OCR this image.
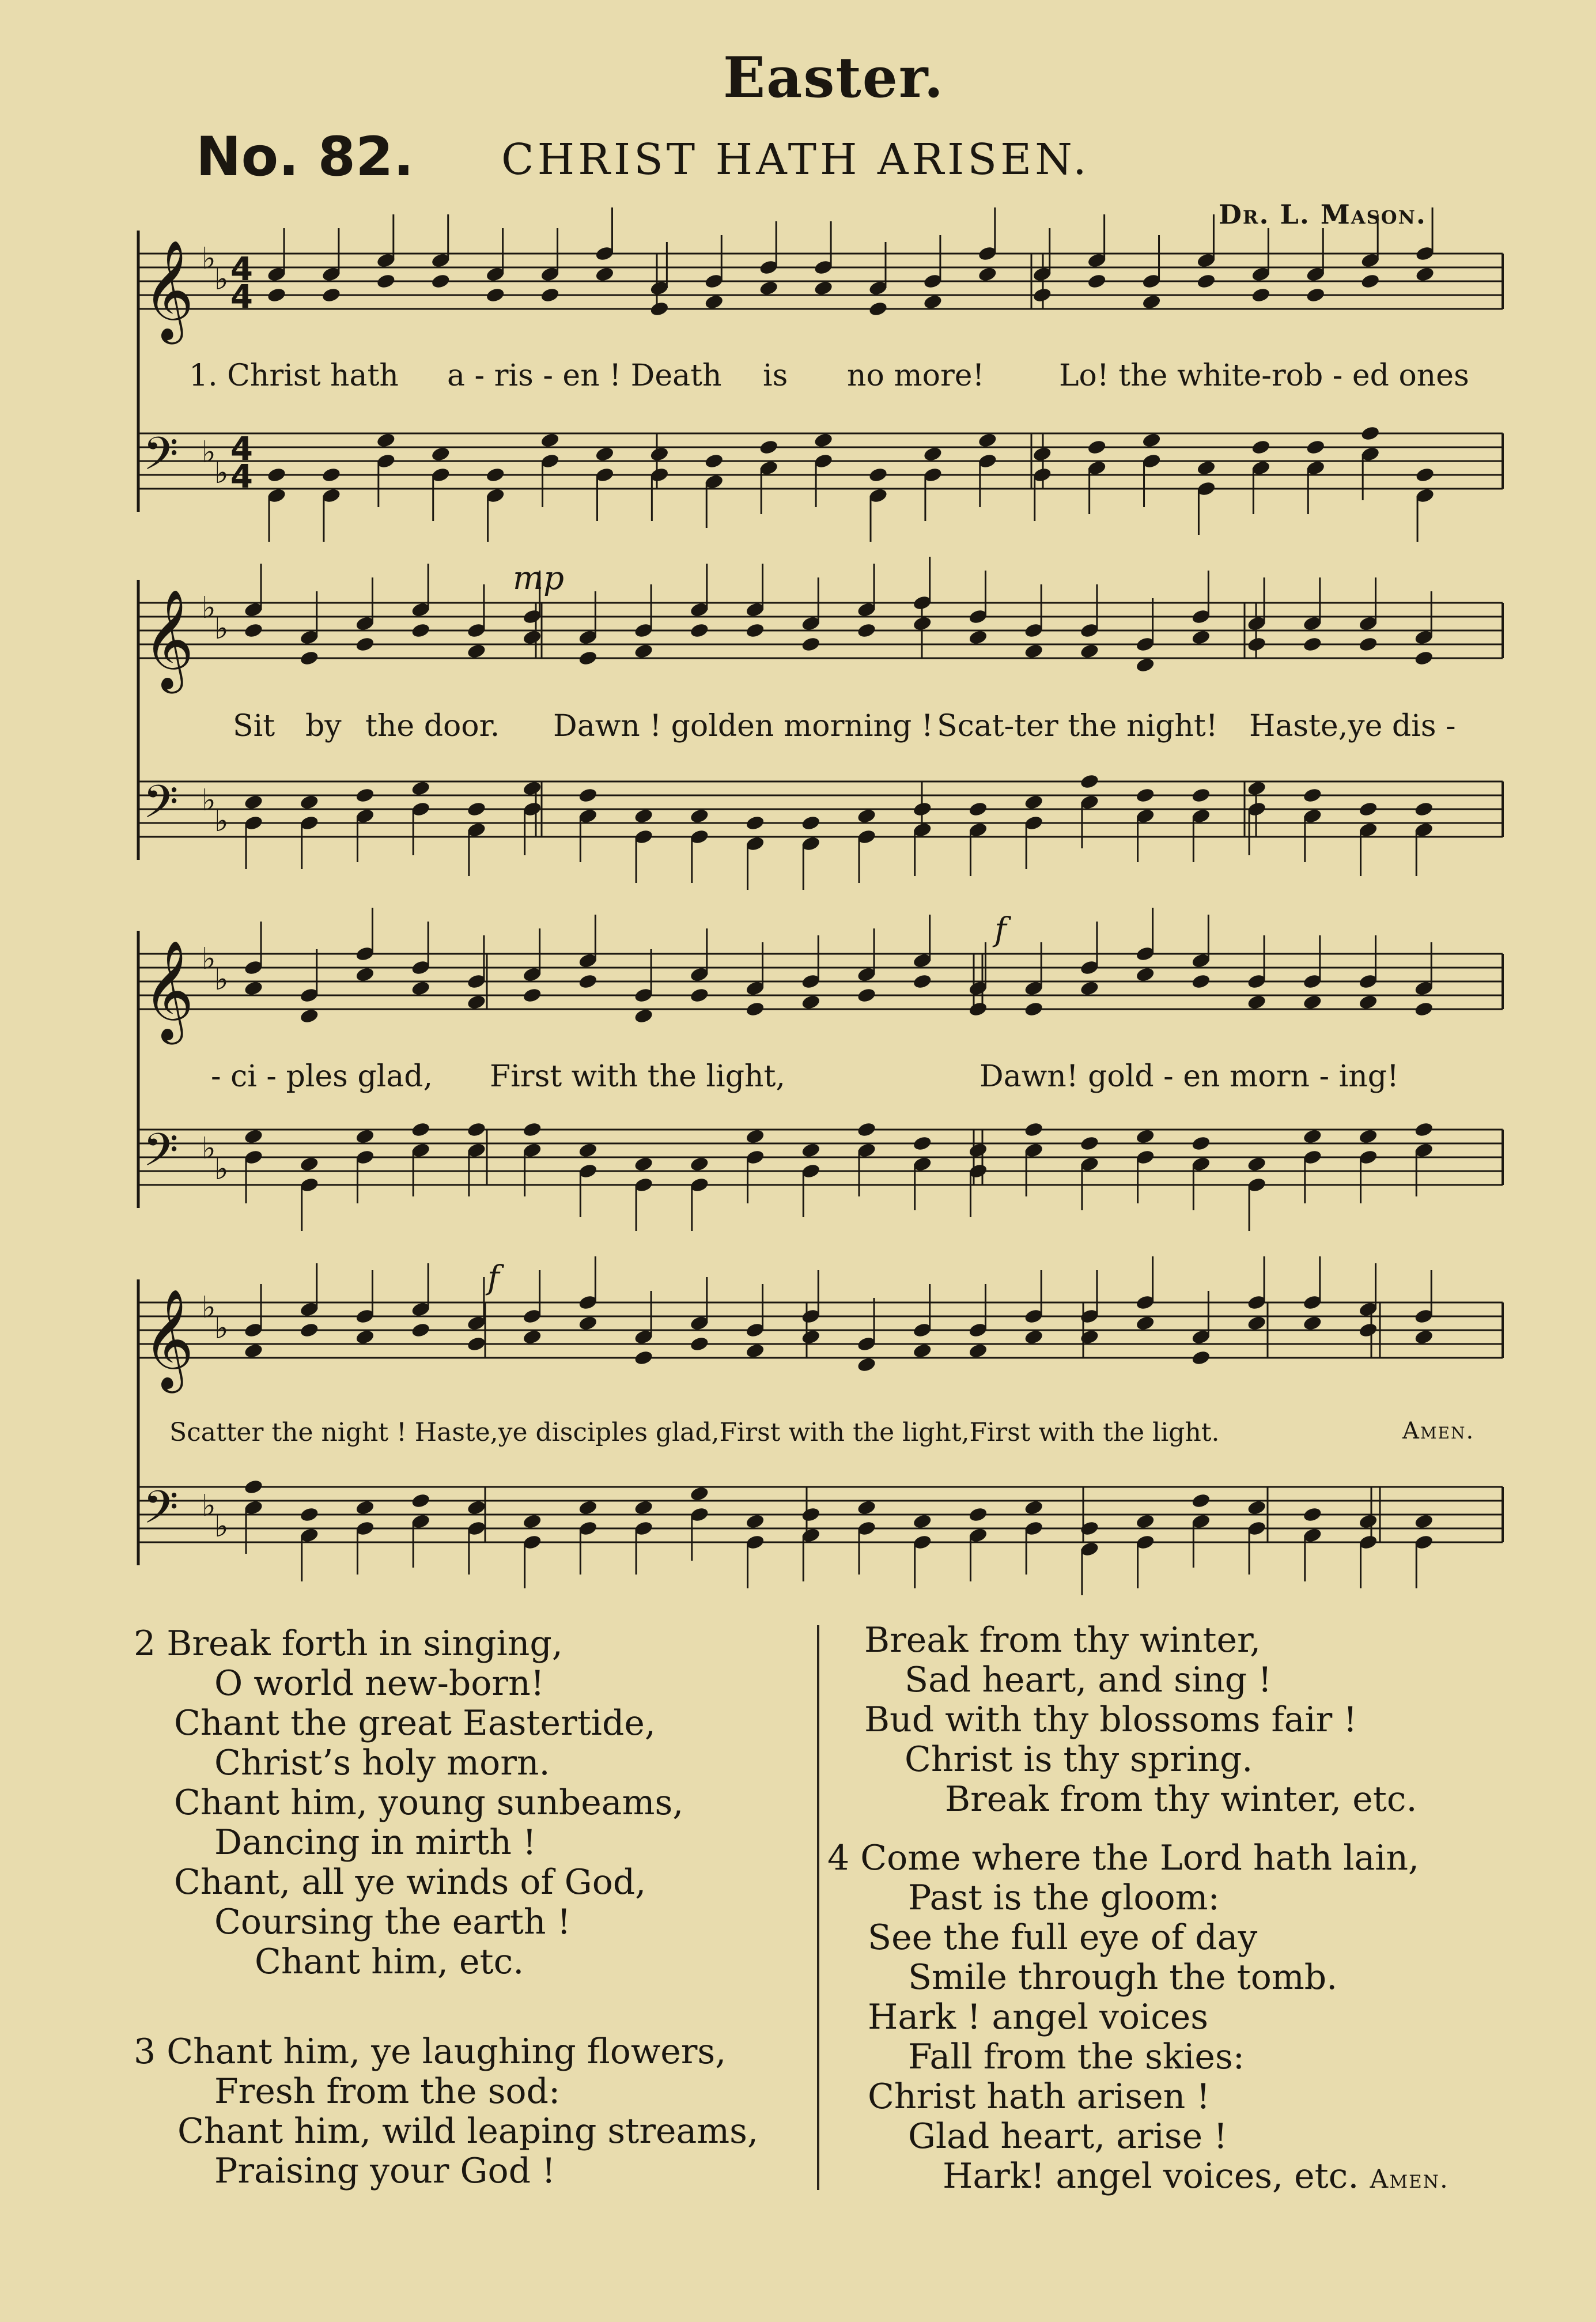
Easter.
No. 82. CHRIST HATH ARISEN.
Dr. L. Mason.
𝄞 ♭
♭ 4
4
𝄢 ♭
♭
4
4
𝄞 ♭
♭
𝄢 ♭
♭
𝄞 ♭
♭
𝄢 ♭
♭
𝄞 ♭
♭
𝄢 ♭
♭
mp
f
f
1. Christ hath a - ris - en ! Death is no more! Lo! the white-rob - ed ones
Sit by the door. Dawn ! golden morning ! Scat-ter the night! Haste,ye dis -
- ci - ples glad, First with the light,	Dawn! gold - en morn - ing!
Scatter the night ! Haste,ye disciples glad,First with the light,First with the light.	Amen.
2 Break forth in singing,
O world new-born!
Chant the great Eastertide,
Christ’s holy morn.
Chant him, young sunbeams,
Dancing in mirth !
Chant, all ye winds of God,
Coursing the earth !
Chant him, etc.
3 Chant him, ye laughing flowers,
Fresh from the sod:
Chant him, wild leaping streams,
Praising your God !
Break from thy winter,
Sad heart, and sing !
Bud with thy blossoms fair !
Christ is thy spring.
Break from thy winter, etc.
4 Come where the Lord hath lain,
Past is the gloom:
See the full eye of day
Smile through the tomb.
Hark ! angel voices
Fall from the skies:
Christ hath arisen !
Glad heart, arise !
Hark! angel voices, etc. Amen.
